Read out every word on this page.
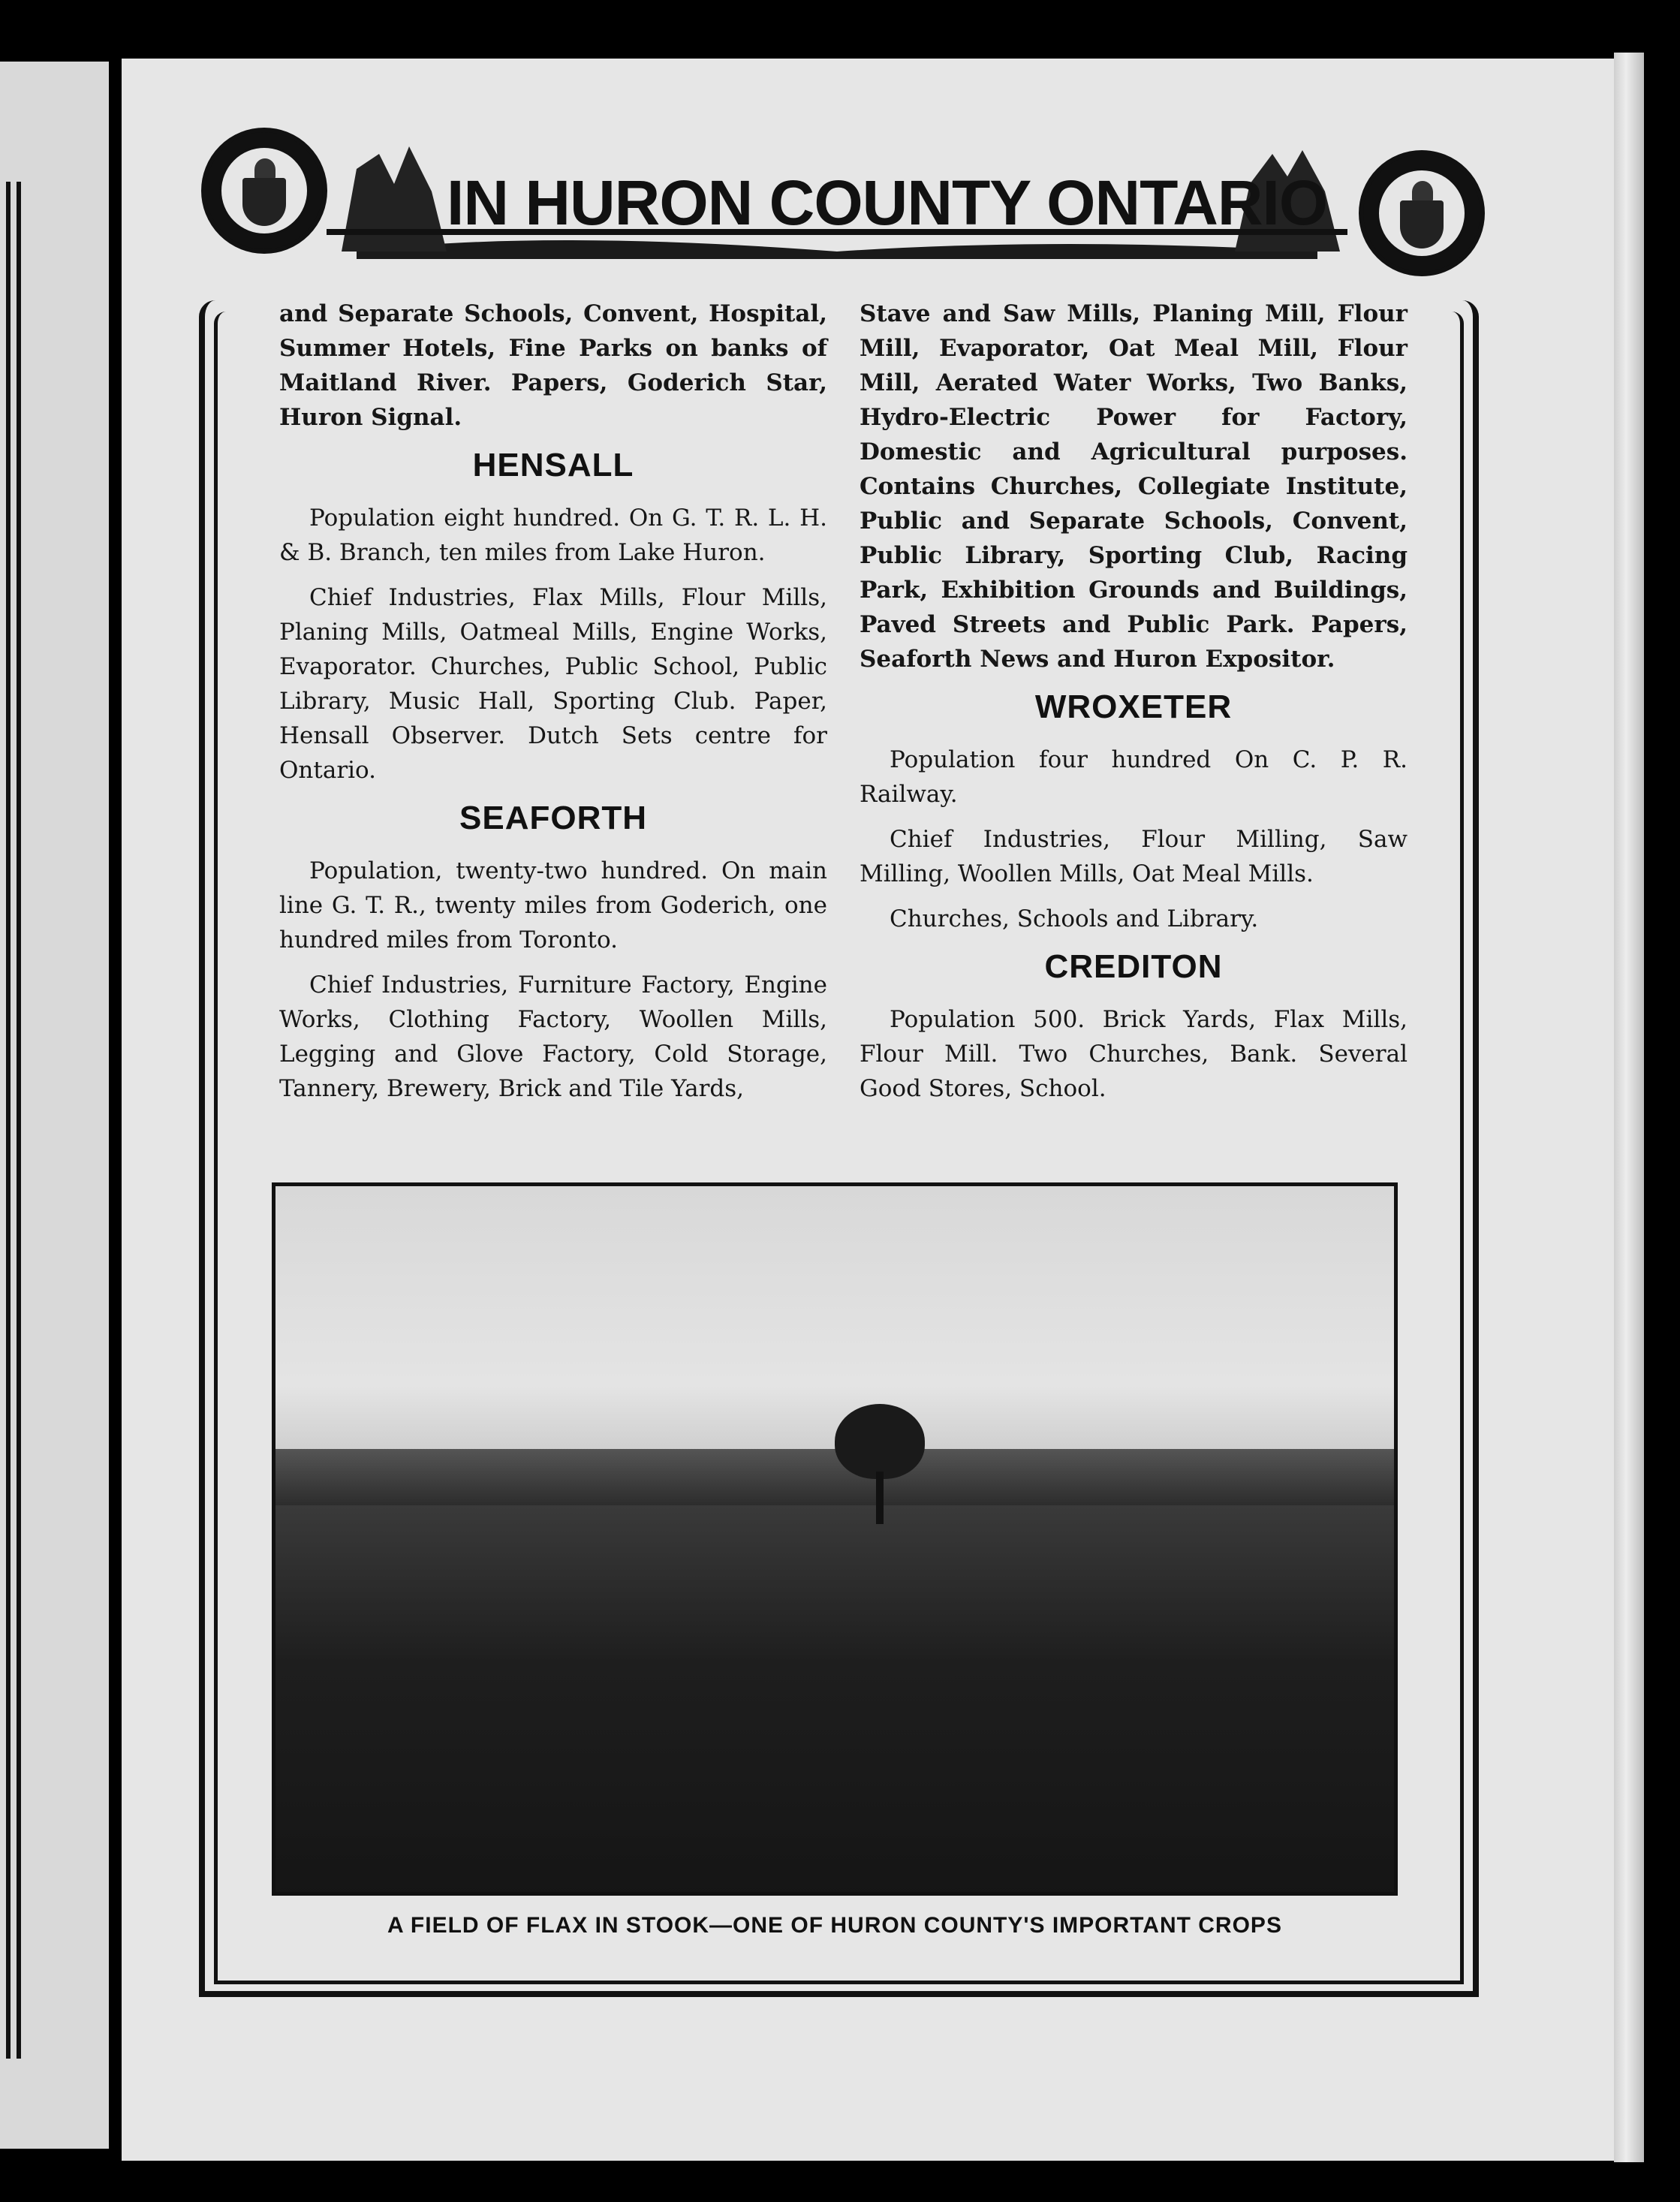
IN HURON COUNTY ONTARIO

and Separate Schools, Convent, Hospital, Summer Hotels, Fine Parks on banks of Maitland River. Papers, Goderich Star, Huron Signal.

HENSALL

Population eight hundred. On G. T. R. L. H. & B. Branch, ten miles from Lake Huron.

Chief Industries, Flax Mills, Flour Mills, Planing Mills, Oatmeal Mills, Engine Works, Evaporator. Churches, Public School, Public Library, Music Hall, Sporting Club. Paper, Hensall Observer. Dutch Sets centre for Ontario.

SEAFORTH

Population, twenty-two hundred. On main line G. T. R., twenty miles from Goderich, one hundred miles from Toronto.

Chief Industries, Furniture Factory, Engine Works, Clothing Factory, Woollen Mills, Legging and Glove Factory, Cold Storage, Tannery, Brewery, Brick and Tile Yards,

Stave and Saw Mills, Planing Mill, Flour Mill, Evaporator, Oat Meal Mill, Flour Mill, Aerated Water Works, Two Banks, Hydro-Electric Power for Factory, Domestic and Agricultural purposes. Contains Churches, Collegiate Institute, Public and Separate Schools, Convent, Public Library, Sporting Club, Racing Park, Exhibition Grounds and Buildings, Paved Streets and Public Park. Papers, Seaforth News and Huron Expositor.

WROXETER

Population four hundred On C. P. R. Railway.

Chief Industries, Flour Milling, Saw Milling, Woollen Mills, Oat Meal Mills.

Churches, Schools and Library.

CREDITON

Population 500. Brick Yards, Flax Mills, Flour Mill. Two Churches, Bank. Several Good Stores, School.

A FIELD OF FLAX IN STOOK—ONE OF HURON COUNTY'S IMPORTANT CROPS
